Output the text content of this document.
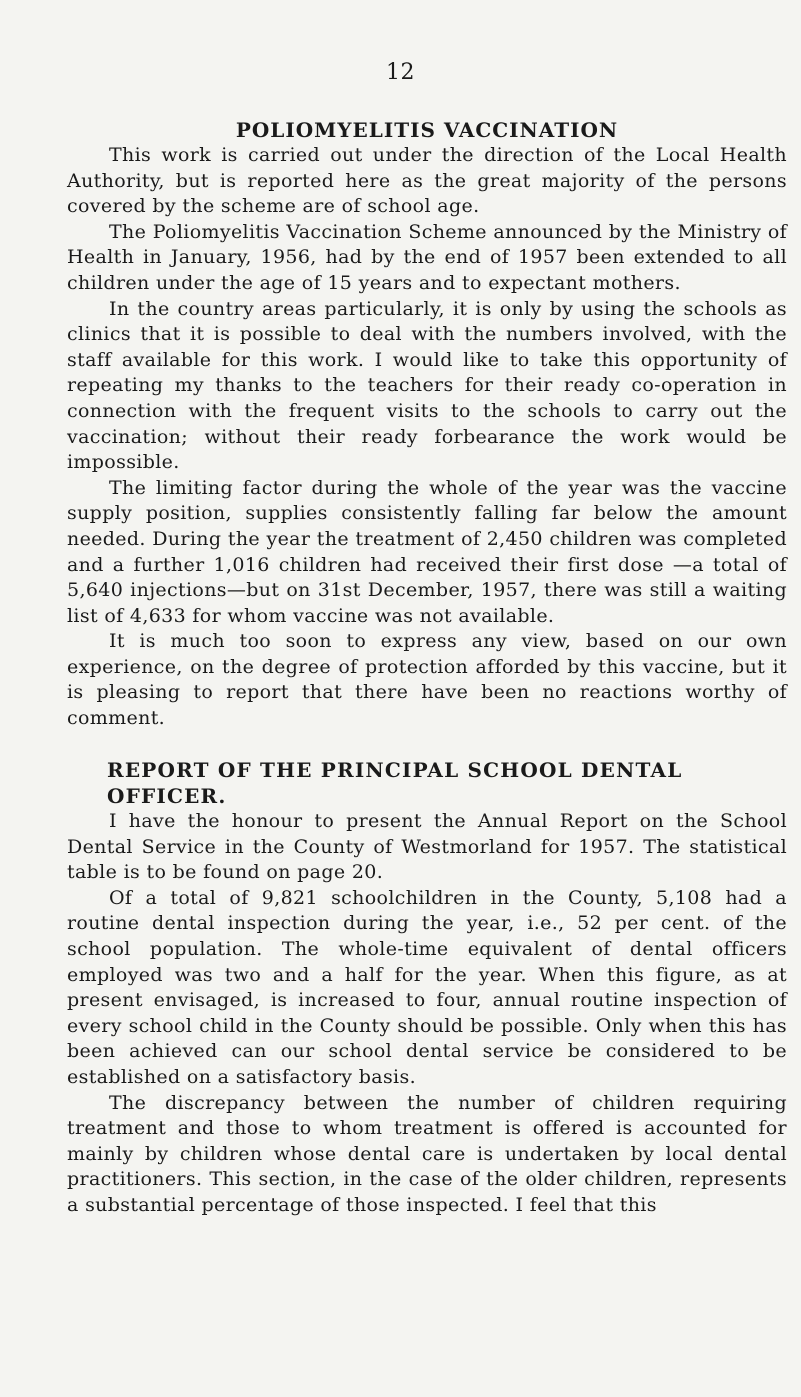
12
POLIOMYELITIS VACCINATION

This work is carried out under the direction of the Local Health Authority, but is reported here as the great majority of the persons covered by the scheme are of school age.

The Poliomyelitis Vaccination Scheme announced by the Ministry of Health in January, 1956, had by the end of 1957 been extended to all children under the age of 15 years and to expectant mothers.

In the country areas particularly, it is only by using the schools as clinics that it is possible to deal with the numbers involved, with the staff available for this work. I would like to take this opportunity of repeating my thanks to the teachers for their ready co-operation in connection with the frequent visits to the schools to carry out the vaccination; without their ready forbearance the work would be impossible.

The limiting factor during the whole of the year was the vaccine supply position, supplies consistently falling far below the amount needed. During the year the treatment of 2,450 children was completed and a further 1,016 children had received their first dose —a total of 5,640 injections—but on 31st December, 1957, there was still a waiting list of 4,633 for whom vaccine was not available.

It is much too soon to express any view, based on our own experience, on the degree of protection afforded by this vaccine, but it is pleasing to report that there have been no reactions worthy of comment.

REPORT OF THE PRINCIPAL SCHOOL DENTAL OFFICER.

I have the honour to present the Annual Report on the School Dental Service in the County of Westmorland for 1957. The statistical table is to be found on page 20.

Of a total of 9,821 schoolchildren in the County, 5,108 had a routine dental inspection during the year, i.e., 52 per cent. of the school population. The whole-time equivalent of dental officers employed was two and a half for the year. When this figure, as at present envisaged, is increased to four, annual routine inspection of every school child in the County should be possible. Only when this has been achieved can our school dental service be considered to be established on a satisfactory basis.

The discrepancy between the number of children requiring treatment and those to whom treatment is offered is accounted for mainly by children whose dental care is undertaken by local dental practitioners. This section, in the case of the older children, represents a substantial percentage of those inspected. I feel that this
